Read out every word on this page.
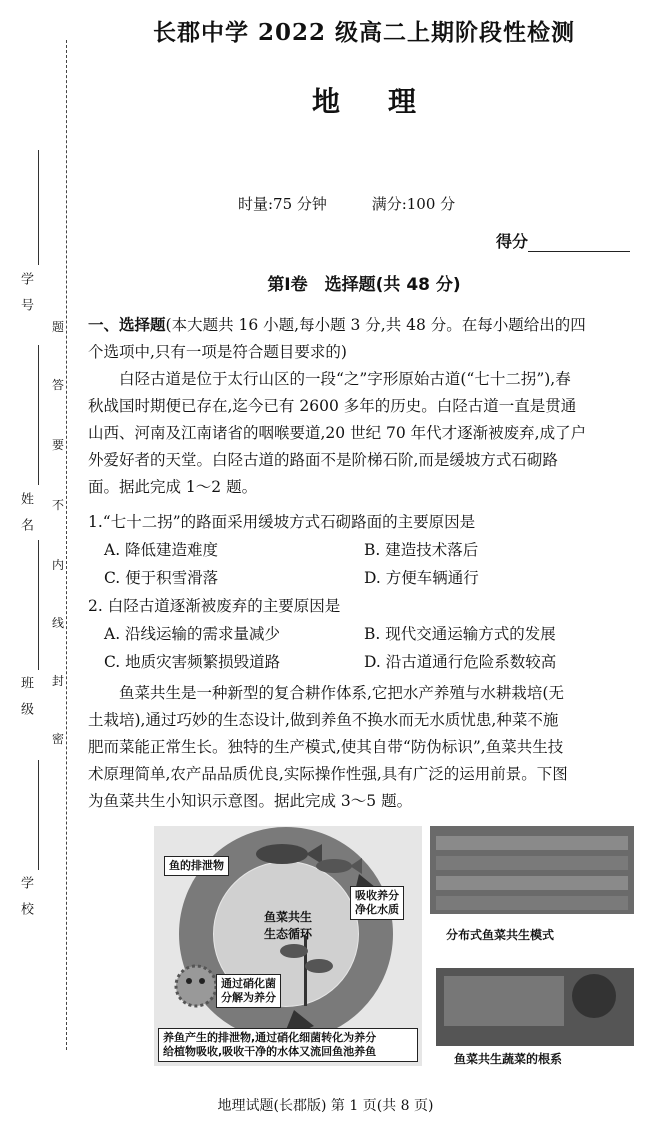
学　号
姓　名
班　级
学　校
题
答
要
不
内
线
封
密
长郡中学 2022 级高二上期阶段性检测
地 理
时量:75 分钟	满分:100 分
得分
第Ⅰ卷　选择题(共 48 分)
一、选择题(本大题共 16 小题,每小题 3 分,共 48 分。在每小题给出的四
个选项中,只有一项是符合题目要求的)
白陉古道是位于太行山区的一段“之”字形原始古道(“七十二拐”),春
秋战国时期便已存在,迄今已有 2600 多年的历史。白陉古道一直是贯通
山西、河南及江南诸省的咽喉要道,20 世纪 70 年代才逐渐被废弃,成了户
外爱好者的天堂。白陉古道的路面不是阶梯石阶,而是缓坡方式石砌路
面。据此完成 1～2 题。
1.“七十二拐”的路面采用缓坡方式石砌路面的主要原因是
A. 降低建造难度	B. 建造技术落后
C. 便于积雪滑落	D. 方便车辆通行
2. 白陉古道逐渐被废弃的主要原因是
A. 沿线运输的需求量减少	B. 现代交通运输方式的发展
C. 地质灾害频繁损毁道路	D. 沿古道通行危险系数较高
鱼菜共生是一种新型的复合耕作体系,它把水产养殖与水耕栽培(无
土栽培),通过巧妙的生态设计,做到养鱼不换水而无水质忧患,种菜不施
肥而菜能正常生长。独特的生产模式,使其自带“防伪标识”,鱼菜共生技
术原理简单,农产品品质优良,实际操作性强,具有广泛的运用前景。下图
为鱼菜共生小知识示意图。据此完成 3～5 题。
鱼的排泄物
鱼菜共生
生态循环
吸收养分
净化水质
通过硝化菌
分解为养分
养鱼产生的排泄物,通过硝化细菌转化为养分
给植物吸收,吸收干净的水体又流回鱼池养鱼
分布式鱼菜共生模式
鱼菜共生蔬菜的根系
地理试题(长郡版) 第 1 页(共 8 页)
